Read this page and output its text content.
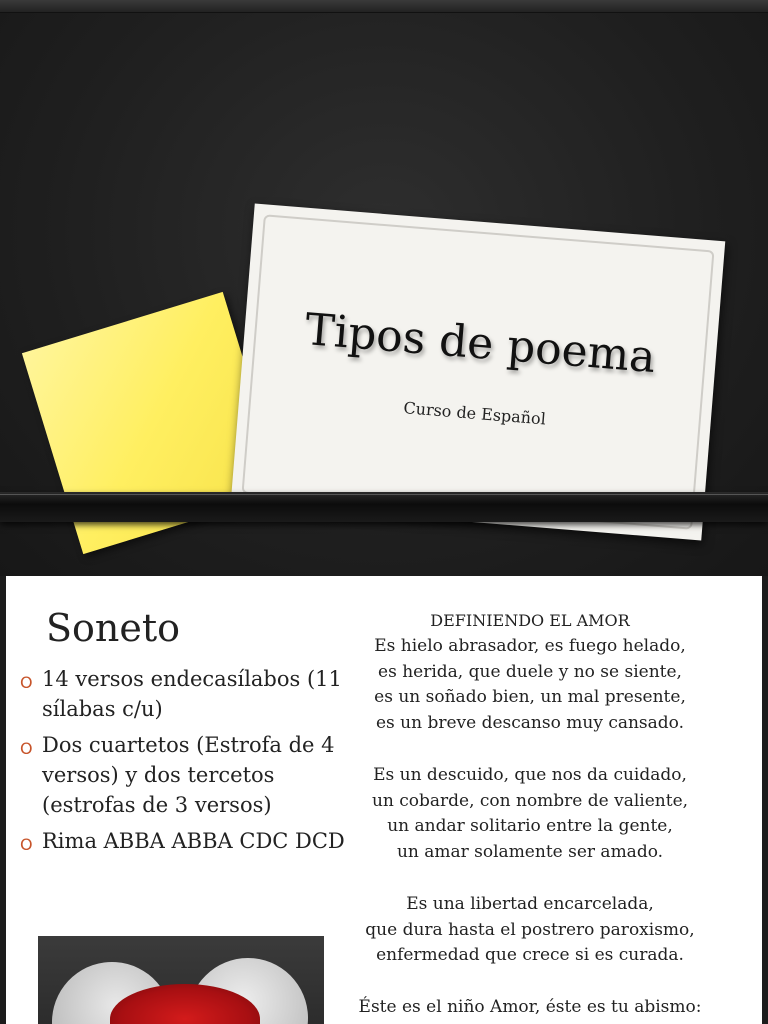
Tipos de poema
Curso de Español
Soneto
O 14 versos endecasílabos (11 sílabas c/u)
O Dos cuartetos (Estrofa de 4 versos) y dos tercetos (estrofas de 3 versos)
O Rima ABBA ABBA CDC DCD
DEFINIENDO EL AMOR
Es hielo abrasador, es fuego helado,
es herida, que duele y no se siente,
es un soñado bien, un mal presente,
es un breve descanso muy cansado.
Es un descuido, que nos da cuidado,
un cobarde, con nombre de valiente,
un andar solitario entre la gente,
un amar solamente ser amado.
Es una libertad encarcelada,
que dura hasta el postrero paroxismo,
enfermedad que crece si es curada.
Éste es el niño Amor, éste es tu abismo:
